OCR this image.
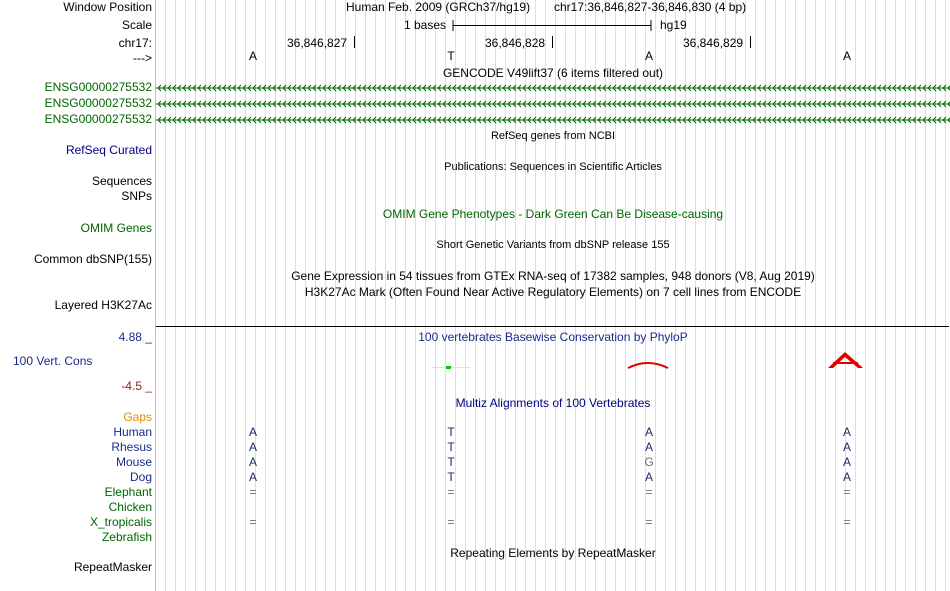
Window Position	Human Feb. 2009 (GRCh37/hg19) chr17:36,846,827-36,846,830 (4 bp)
Scale	1 bases	hg19
chr17:	36,846,827	36,846,828	36,846,829
--->	A	T	A	A
GENCODE V49lift37 (6 items filtered out)
ENSG00000275532
ENSG00000275532
ENSG00000275532
RefSeq genes from NCBI
RefSeq Curated
Publications: Sequences in Scientific Articles
Sequences
SNPs
OMIM Gene Phenotypes - Dark Green Can Be Disease-causing
OMIM Genes
Short Genetic Variants from dbSNP release 155
Common dbSNP(155)
Gene Expression in 54 tissues from GTEx RNA-seq of 17382 samples, 948 donors (V8, Aug 2019)
H3K27Ac Mark (Often Found Near Active Regulatory Elements) on 7 cell lines from ENCODE
Layered H3K27Ac
4.88 _	100 vertebrates Basewise Conservation by PhyloP
100 Vert. Cons
-4.5 _
Gaps
Multiz Alignments of 100 Vertebrates
Human	A	T	A	A
Rhesus	A	T	A	A
Mouse	A	T	G	A
Dog	A	T	A	A
Elephant	=	=	=	=
Chicken
X_tropicalis	=	=	=	=
Zebrafish
Repeating Elements by RepeatMasker
RepeatMasker
